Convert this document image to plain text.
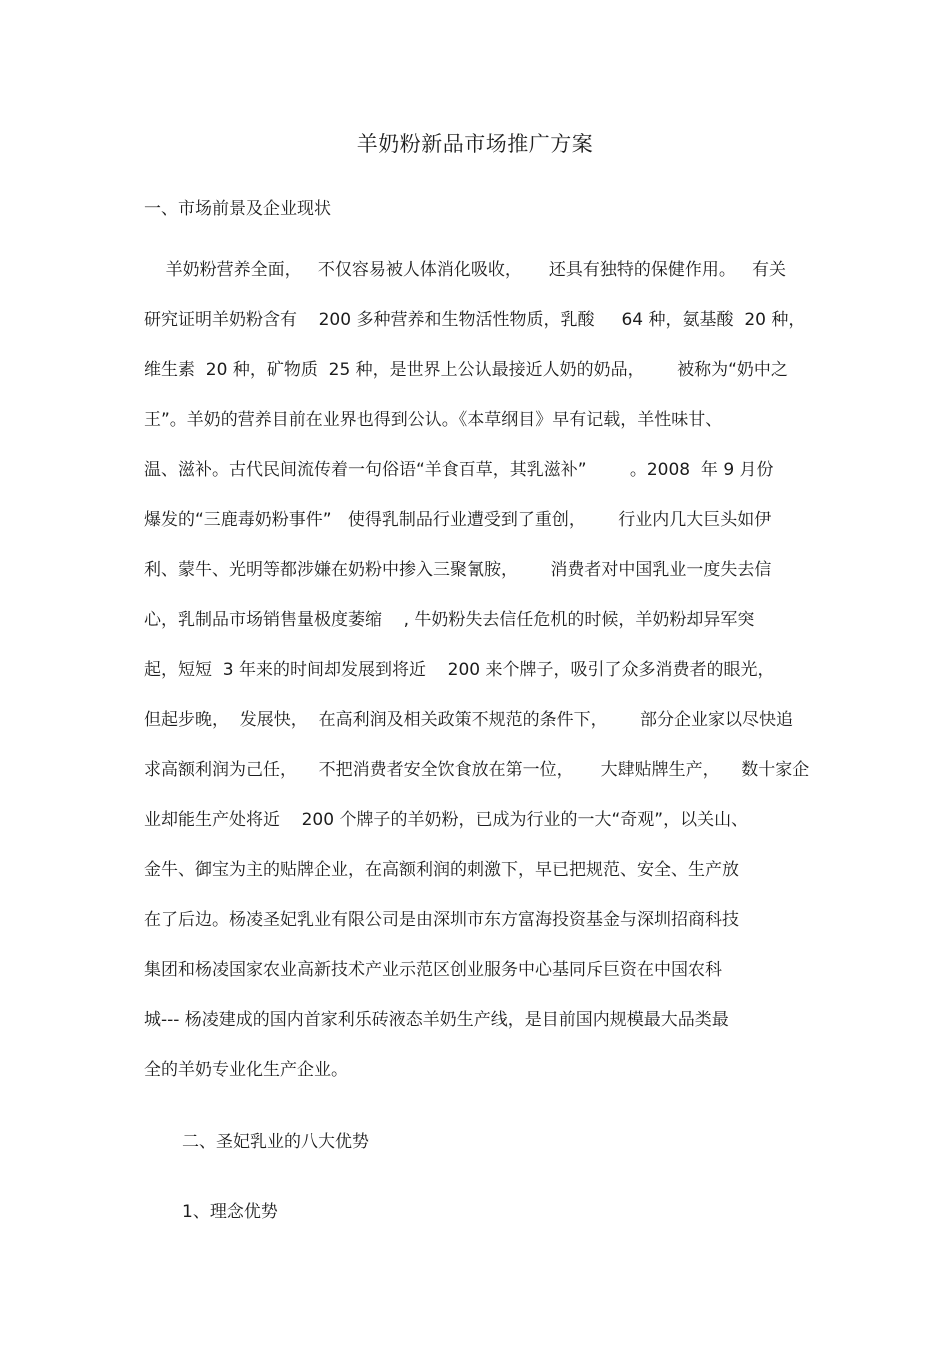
羊奶粉新品市场推广方案
一、市场前景及企业现状
羊奶粉营养全面，   不仅容易被人体消化吸收，     还具有独特的保健作用。   有关
研究证明羊奶粉含有    200 多种营养和生物活性物质，乳酸     64 种，氨基酸  20 种，
维生素  20 种，矿物质  25 种，是世界上公认最接近人奶的奶品，      被称为“奶中之
王”。羊奶的营养目前在业界也得到公认。《本草纲目》早有记载，羊性味甘、
温、滋补。古代民间流传着一句俗语“羊食百草，其乳滋补”        。2008  年 9 月份
爆发的“三鹿毒奶粉事件”   使得乳制品行业遭受到了重创，      行业内几大巨头如伊
利、蒙牛、光明等都涉嫌在奶粉中掺入三聚氰胺，      消费者对中国乳业一度失去信
心，乳制品市场销售量极度萎缩    , 牛奶粉失去信任危机的时候，羊奶粉却异军突
起，短短  3 年来的时间却发展到将近    200 来个牌子，吸引了众多消费者的眼光，
但起步晚，  发展快，  在高利润及相关政策不规范的条件下，      部分企业家以尽快追
求高额利润为己任，    不把消费者安全饮食放在第一位，     大肆贴牌生产，    数十家企
业却能生产处将近    200 个牌子的羊奶粉，已成为行业的一大“奇观”，以关山、
金牛、御宝为主的贴牌企业，在高额利润的刺激下，早已把规范、安全、生产放
在了后边。杨凌圣妃乳业有限公司是由深圳市东方富海投资基金与深圳招商科技
集团和杨凌国家农业高新技术产业示范区创业服务中心基同斥巨资在中国农科
城--- 杨凌建成的国内首家利乐砖液态羊奶生产线，是目前国内规模最大品类最
全的羊奶专业化生产企业。
二、圣妃乳业的八大优势
1、理念优势
